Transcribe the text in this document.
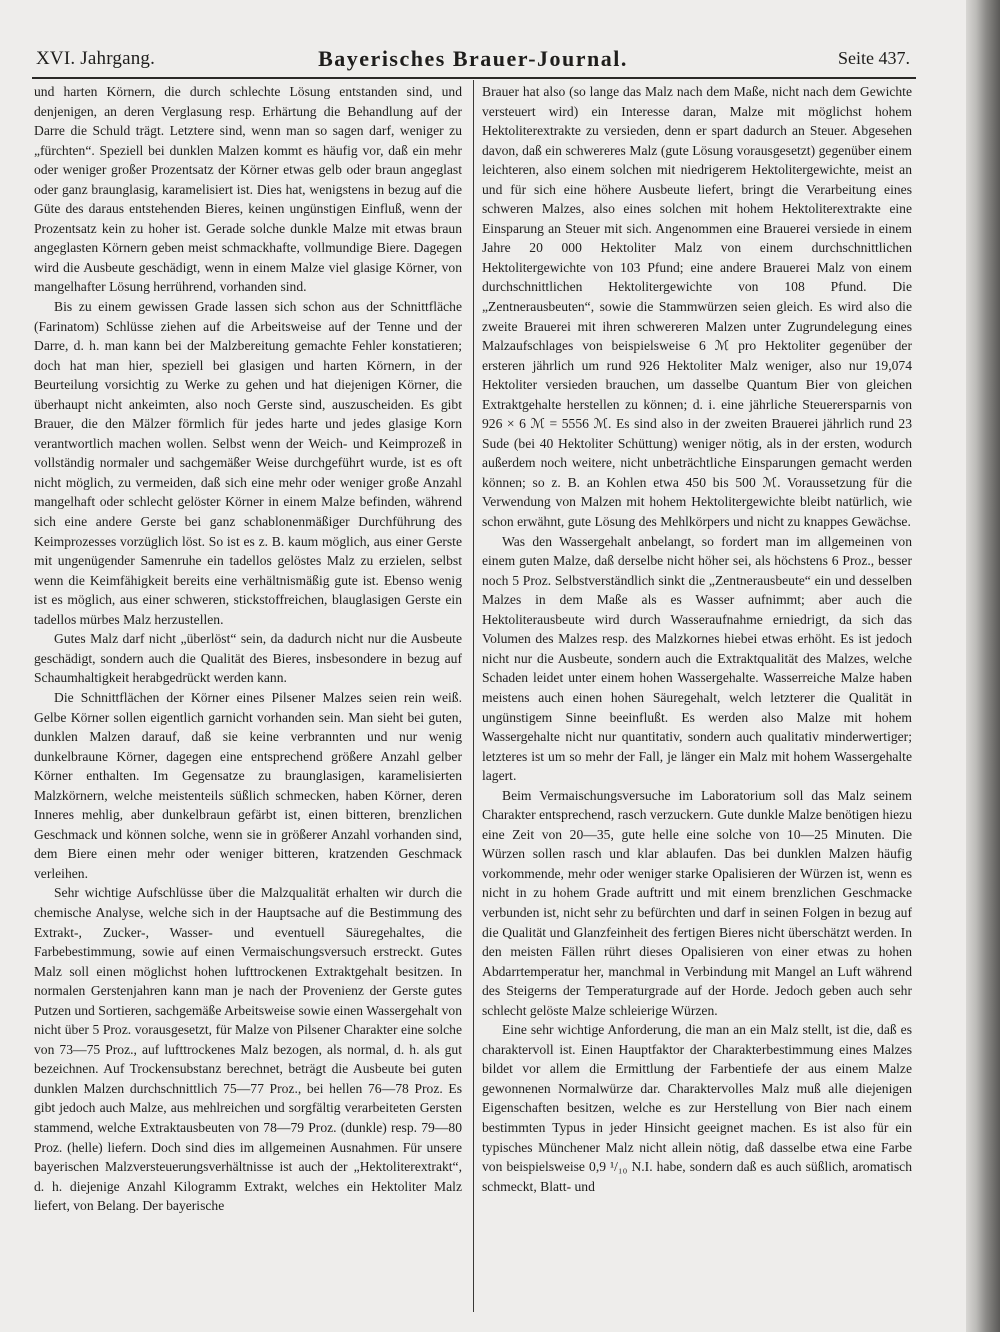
XVI. Jahrgang.	Bayerisches Brauer-Journal.	Seite 437.

und harten Körnern, die durch schlechte Lösung entstanden sind, und denjenigen, an deren Verglasung resp. Erhärtung die Behandlung auf der Darre die Schuld trägt. Letztere sind, wenn man so sagen darf, weniger zu „fürchten“. Speziell bei dunklen Malzen kommt es häufig vor, daß ein mehr oder weniger großer Prozentsatz der Körner etwas gelb oder braun angeglast oder ganz braunglasig, karamelisiert ist. Dies hat, wenigstens in bezug auf die Güte des daraus entstehenden Bieres, keinen ungünstigen Einfluß, wenn der Prozentsatz kein zu hoher ist. Gerade solche dunkle Malze mit etwas braun angeglasten Körnern geben meist schmackhafte, vollmundige Biere. Dagegen wird die Ausbeute geschädigt, wenn in einem Malze viel glasige Körner, von mangelhafter Lösung herrührend, vorhanden sind.

Bis zu einem gewissen Grade lassen sich schon aus der Schnittfläche (Farinatom) Schlüsse ziehen auf die Arbeitsweise auf der Tenne und der Darre, d. h. man kann bei der Malzbereitung gemachte Fehler konstatieren; doch hat man hier, speziell bei glasigen und harten Körnern, in der Beurteilung vorsichtig zu Werke zu gehen und hat diejenigen Körner, die überhaupt nicht ankeimten, also noch Gerste sind, auszuscheiden. Es gibt Brauer, die den Mälzer förmlich für jedes harte und jedes glasige Korn verantwortlich machen wollen. Selbst wenn der Weich- und Keimprozeß in vollständig normaler und sachgemäßer Weise durchgeführt wurde, ist es oft nicht möglich, zu vermeiden, daß sich eine mehr oder weniger große Anzahl mangelhaft oder schlecht gelöster Körner in einem Malze befinden, während sich eine andere Gerste bei ganz schablonenmäßiger Durchführung des Keimprozesses vorzüglich löst. So ist es z. B. kaum möglich, aus einer Gerste mit ungenügender Samenruhe ein tadellos gelöstes Malz zu erzielen, selbst wenn die Keimfähigkeit bereits eine verhältnismäßig gute ist. Ebenso wenig ist es möglich, aus einer schweren, stickstoffreichen, blauglasigen Gerste ein tadellos mürbes Malz herzustellen.

Gutes Malz darf nicht „überlöst“ sein, da dadurch nicht nur die Ausbeute geschädigt, sondern auch die Qualität des Bieres, insbesondere in bezug auf Schaumhaltigkeit herabgedrückt werden kann.

Die Schnittflächen der Körner eines Pilsener Malzes seien rein weiß. Gelbe Körner sollen eigentlich garnicht vorhanden sein. Man sieht bei guten, dunklen Malzen darauf, daß sie keine verbrannten und nur wenig dunkelbraune Körner, dagegen eine entsprechend größere Anzahl gelber Körner enthalten. Im Gegensatze zu braunglasigen, karamelisierten Malzkörnern, welche meistenteils süßlich schmecken, haben Körner, deren Inneres mehlig, aber dunkelbraun gefärbt ist, einen bitteren, brenzlichen Geschmack und können solche, wenn sie in größerer Anzahl vorhanden sind, dem Biere einen mehr oder weniger bitteren, kratzenden Geschmack verleihen.

Sehr wichtige Aufschlüsse über die Malzqualität erhalten wir durch die chemische Analyse, welche sich in der Hauptsache auf die Bestimmung des Extrakt-, Zucker-, Wasser- und eventuell Säuregehaltes, die Farbebestimmung, sowie auf einen Vermaischungsversuch erstreckt. Gutes Malz soll einen möglichst hohen lufttrockenen Extraktgehalt besitzen. In normalen Gerstenjahren kann man je nach der Provenienz der Gerste gutes Putzen und Sortieren, sachgemäße Arbeitsweise sowie einen Wassergehalt von nicht über 5 Proz. vorausgesetzt, für Malze von Pilsener Charakter eine solche von 73—75 Proz., auf lufttrockenes Malz bezogen, als normal, d. h. als gut bezeichnen. Auf Trockensubstanz berechnet, beträgt die Ausbeute bei guten dunklen Malzen durchschnittlich 75—77 Proz., bei hellen 76—78 Proz. Es gibt jedoch auch Malze, aus mehlreichen und sorgfältig verarbeiteten Gersten stammend, welche Extraktausbeuten von 78—79 Proz. (dunkle) resp. 79—80 Proz. (helle) liefern. Doch sind dies im allgemeinen Ausnahmen. Für unsere bayerischen Malzversteuerungsverhältnisse ist auch der „Hektoliterextrakt“, d. h. diejenige Anzahl Kilogramm Extrakt, welches ein Hektoliter Malz liefert, von Belang. Der bayerische

Brauer hat also (so lange das Malz nach dem Maße, nicht nach dem Gewichte versteuert wird) ein Interesse daran, Malze mit möglichst hohem Hektoliterextrakte zu versieden, denn er spart dadurch an Steuer. Abgesehen davon, daß ein schwereres Malz (gute Lösung vorausgesetzt) gegenüber einem leichteren, also einem solchen mit niedrigerem Hektolitergewichte, meist an und für sich eine höhere Ausbeute liefert, bringt die Verarbeitung eines schweren Malzes, also eines solchen mit hohem Hektoliterextrakte eine Einsparung an Steuer mit sich. Angenommen eine Brauerei versiede in einem Jahre 20 000 Hektoliter Malz von einem durchschnittlichen Hektolitergewichte von 103 Pfund; eine andere Brauerei Malz von einem durchschnittlichen Hektolitergewichte von 108 Pfund. Die „Zentnerausbeuten“, sowie die Stammwürzen seien gleich. Es wird also die zweite Brauerei mit ihren schwereren Malzen unter Zugrundelegung eines Malzaufschlages von beispielsweise 6 ℳ pro Hektoliter gegenüber der ersteren jährlich um rund 926 Hektoliter Malz weniger, also nur 19,074 Hektoliter versieden brauchen, um dasselbe Quantum Bier von gleichen Extraktgehalte herstellen zu können; d. i. eine jährliche Steuerersparnis von 926 × 6 ℳ = 5556 ℳ. Es sind also in der zweiten Brauerei jährlich rund 23 Sude (bei 40 Hektoliter Schüttung) weniger nötig, als in der ersten, wodurch außerdem noch weitere, nicht unbeträchtliche Einsparungen gemacht werden können; so z. B. an Kohlen etwa 450 bis 500 ℳ. Voraussetzung für die Verwendung von Malzen mit hohem Hektolitergewichte bleibt natürlich, wie schon erwähnt, gute Lösung des Mehlkörpers und nicht zu knappes Gewächse.

Was den Wassergehalt anbelangt, so fordert man im allgemeinen von einem guten Malze, daß derselbe nicht höher sei, als höchstens 6 Proz., besser noch 5 Proz. Selbstverständlich sinkt die „Zentnerausbeute“ ein und desselben Malzes in dem Maße als es Wasser aufnimmt; aber auch die Hektoliterausbeute wird durch Wasseraufnahme erniedrigt, da sich das Volumen des Malzes resp. des Malzkornes hiebei etwas erhöht. Es ist jedoch nicht nur die Ausbeute, sondern auch die Extraktqualität des Malzes, welche Schaden leidet unter einem hohen Wassergehalte. Wasserreiche Malze haben meistens auch einen hohen Säuregehalt, welch letzterer die Qualität in ungünstigem Sinne beeinflußt. Es werden also Malze mit hohem Wassergehalte nicht nur quantitativ, sondern auch qualitativ minderwertiger; letzteres ist um so mehr der Fall, je länger ein Malz mit hohem Wassergehalte lagert.

Beim Vermaischungsversuche im Laboratorium soll das Malz seinem Charakter entsprechend, rasch verzuckern. Gute dunkle Malze benötigen hiezu eine Zeit von 20—35, gute helle eine solche von 10—25 Minuten. Die Würzen sollen rasch und klar ablaufen. Das bei dunklen Malzen häufig vorkommende, mehr oder weniger starke Opalisieren der Würzen ist, wenn es nicht in zu hohem Grade auftritt und mit einem brenzlichen Geschmacke verbunden ist, nicht sehr zu befürchten und darf in seinen Folgen in bezug auf die Qualität und Glanzfeinheit des fertigen Bieres nicht überschätzt werden. In den meisten Fällen rührt dieses Opalisieren von einer etwas zu hohen Abdarrtemperatur her, manchmal in Verbindung mit Mangel an Luft während des Steigerns der Temperaturgrade auf der Horde. Jedoch geben auch sehr schlecht gelöste Malze schleierige Würzen.

Eine sehr wichtige Anforderung, die man an ein Malz stellt, ist die, daß es charaktervoll ist. Einen Hauptfaktor der Charakterbestimmung eines Malzes bildet vor allem die Ermittlung der Farbentiefe der aus einem Malze gewonnenen Normalwürze dar. Charaktervolles Malz muß alle diejenigen Eigenschaften besitzen, welche es zur Herstellung von Bier nach einem bestimmten Typus in jeder Hinsicht geeignet machen. Es ist also für ein typisches Münchener Malz nicht allein nötig, daß dasselbe etwa eine Farbe von beispielsweise 0,9 ¹/₁₀ N.I. habe, sondern daß es auch süßlich, aromatisch schmeckt, Blatt- und
